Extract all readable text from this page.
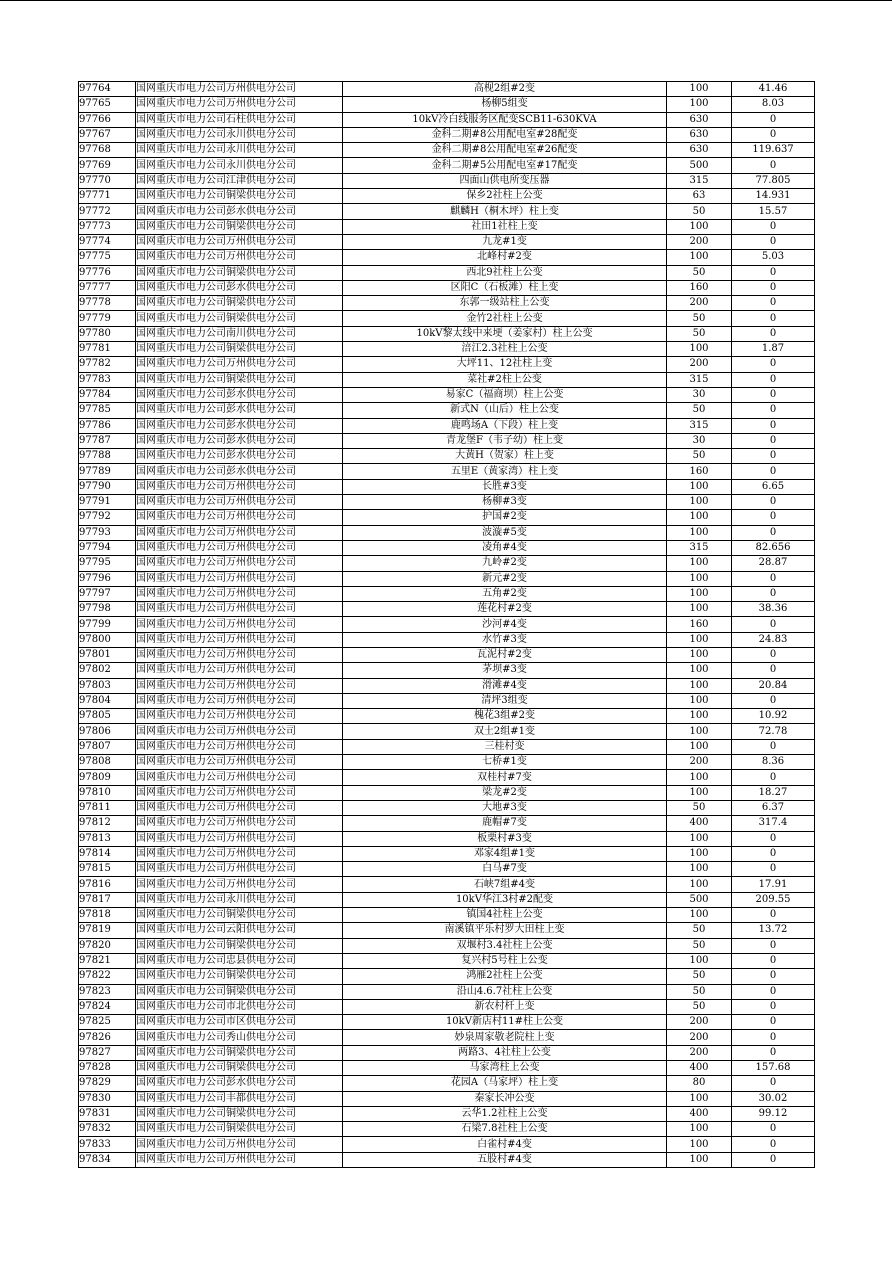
97764	国网重庆市电力公司万州供电分公司	高枧2组#2变	100	41.46
97765	国网重庆市电力公司万州供电分公司	杨柳5组变	100	8.03
97766	国网重庆市电力公司石柱供电分公司	10kV冷白线服务区配变SCB11-630KVA	630	0
97767	国网重庆市电力公司永川供电分公司	金科二期#8公用配电室#28配变	630	0
97768	国网重庆市电力公司永川供电分公司	金科二期#8公用配电室#26配变	630	119.637
97769	国网重庆市电力公司永川供电分公司	金科二期#5公用配电室#17配变	500	0
97770	国网重庆市电力公司江津供电分公司	四面山供电所变压器	315	77.805
97771	国网重庆市电力公司铜梁供电分公司	保乡2社柱上公变	63	14.931
97772	国网重庆市电力公司彭水供电分公司	麒麟H（桐木坪）柱上变	50	15.57
97773	国网重庆市电力公司铜梁供电分公司	社田1社柱上变	100	0
97774	国网重庆市电力公司万州供电分公司	九龙#1变	200	0
97775	国网重庆市电力公司万州供电分公司	北峰村#2变	100	5.03
97776	国网重庆市电力公司铜梁供电分公司	西北9社柱上公变	50	0
97777	国网重庆市电力公司彭水供电分公司	区阳C（石板滩）柱上变	160	0
97778	国网重庆市电力公司铜梁供电分公司	东郭一级站柱上公变	200	0
97779	国网重庆市电力公司铜梁供电分公司	金竹2社柱上公变	50	0
97780	国网重庆市电力公司南川供电分公司	10kV黎太线中来埂（姜家村）柱上公变	50	0
97781	国网重庆市电力公司铜梁供电分公司	涪江2.3社柱上公变	100	1.87
97782	国网重庆市电力公司万州供电分公司	大坪11、12社柱上变	200	0
97783	国网重庆市电力公司铜梁供电分公司	菜社#2柱上公变	315	0
97784	国网重庆市电力公司彭水供电分公司	易家C（福商坝）柱上公变	30	0
97785	国网重庆市电力公司彭水供电分公司	新式N（山后）柱上公变	50	0
97786	国网重庆市电力公司彭水供电分公司	鹿鸣场A（下段）柱上变	315	0
97787	国网重庆市电力公司彭水供电分公司	青龙堡F（韦子幼）柱上变	30	0
97788	国网重庆市电力公司彭水供电分公司	大黄H（贺家）柱上变	50	0
97789	国网重庆市电力公司彭水供电分公司	五里E（黄家湾）柱上变	160	0
97790	国网重庆市电力公司万州供电分公司	长胜#3变	100	6.65
97791	国网重庆市电力公司万州供电分公司	杨柳#3变	100	0
97792	国网重庆市电力公司万州供电分公司	护国#2变	100	0
97793	国网重庆市电力公司万州供电分公司	波漩#5变	100	0
97794	国网重庆市电力公司万州供电分公司	凌角#4变	315	82.656
97795	国网重庆市电力公司万州供电分公司	九岭#2变	100	28.87
97796	国网重庆市电力公司万州供电分公司	新元#2变	100	0
97797	国网重庆市电力公司万州供电分公司	五角#2变	100	0
97798	国网重庆市电力公司万州供电分公司	莲花村#2变	100	38.36
97799	国网重庆市电力公司万州供电分公司	沙河#4变	160	0
97800	国网重庆市电力公司万州供电分公司	水竹#3变	100	24.83
97801	国网重庆市电力公司万州供电分公司	瓦泥村#2变	100	0
97802	国网重庆市电力公司万州供电分公司	茅坝#3变	100	0
97803	国网重庆市电力公司万州供电分公司	滑滩#4变	100	20.84
97804	国网重庆市电力公司万州供电分公司	清坪3组变	100	0
97805	国网重庆市电力公司万州供电分公司	槐花3组#2变	100	10.92
97806	国网重庆市电力公司万州供电分公司	双土2组#1变	100	72.78
97807	国网重庆市电力公司万州供电分公司	三桂村变	100	0
97808	国网重庆市电力公司万州供电分公司	七桥#1变	200	8.36
97809	国网重庆市电力公司万州供电分公司	双桂村#7变	100	0
97810	国网重庆市电力公司万州供电分公司	梁龙#2变	100	18.27
97811	国网重庆市电力公司万州供电分公司	大地#3变	50	6.37
97812	国网重庆市电力公司万州供电分公司	鹿帽#7变	400	317.4
97813	国网重庆市电力公司万州供电分公司	板栗村#3变	100	0
97814	国网重庆市电力公司万州供电分公司	邓家4组#1变	100	0
97815	国网重庆市电力公司万州供电分公司	白马#7变	100	0
97816	国网重庆市电力公司万州供电分公司	石峡7组#4变	100	17.91
97817	国网重庆市电力公司永川供电分公司	10kV华江3村#2配变	500	209.55
97818	国网重庆市电力公司铜梁供电分公司	镇国4社柱上公变	100	0
97819	国网重庆市电力公司云阳供电分公司	南溪镇平乐村罗大田柱上变	50	13.72
97820	国网重庆市电力公司铜梁供电分公司	双堰村3.4社柱上公变	50	0
97821	国网重庆市电力公司忠县供电分公司	复兴村5号柱上公变	100	0
97822	国网重庆市电力公司铜梁供电分公司	鸿雁2社柱上公变	50	0
97823	国网重庆市电力公司铜梁供电分公司	沿山4.6.7社柱上公变	50	0
97824	国网重庆市电力公司市北供电分公司	新农村杆上变	50	0
97825	国网重庆市电力公司市区供电分公司	10kV新店村11#柱上公变	200	0
97826	国网重庆市电力公司秀山供电分公司	妙泉周家敬老院柱上变	200	0
97827	国网重庆市电力公司铜梁供电分公司	两路3、4社柱上公变	200	0
97828	国网重庆市电力公司铜梁供电分公司	马家湾柱上公变	400	157.68
97829	国网重庆市电力公司彭水供电分公司	花园A（马家坪）柱上变	80	0
97830	国网重庆市电力公司丰都供电分公司	秦家长冲公变	100	30.02
97831	国网重庆市电力公司铜梁供电分公司	云华1.2社柱上公变	400	99.12
97832	国网重庆市电力公司铜梁供电分公司	石梁7.8社柱上公变	100	0
97833	国网重庆市电力公司万州供电分公司	白雀村#4变	100	0
97834	国网重庆市电力公司万州供电分公司	五股村#4变	100	0
